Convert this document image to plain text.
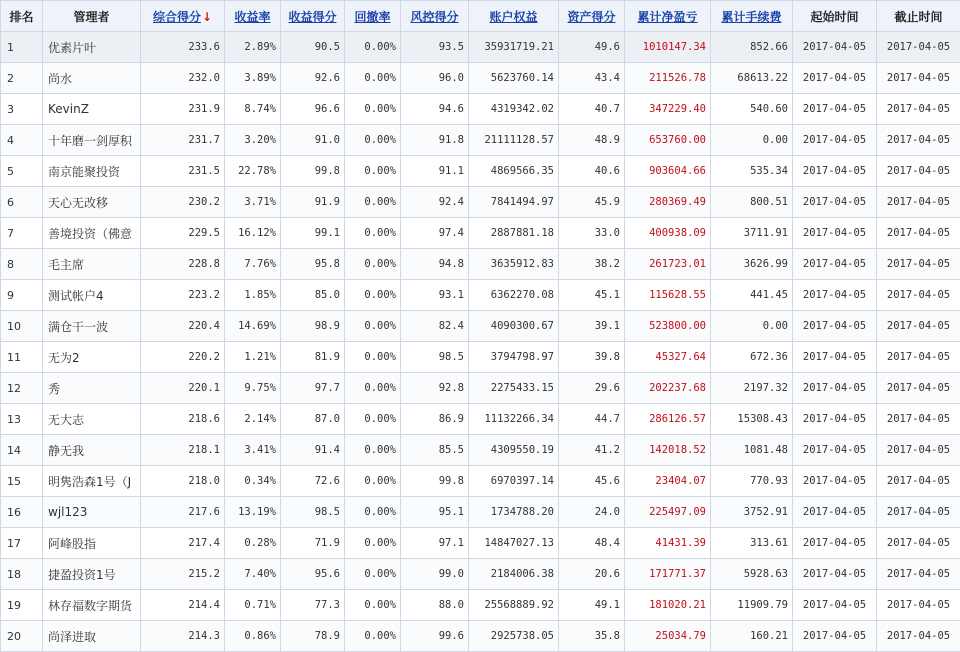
排名	管理者	综合得分↓	收益率	收益得分	回撤率	风控得分	账户权益	资产得分	累计净盈亏	累计手续费	起始时间	截止时间
1	优素片叶	233.6	2.89%	90.5	0.00%	93.5	35931719.21	49.6	1010147.34	852.66	2017-04-05	2017-04-05
2	尚水	232.0	3.89%	92.6	0.00%	96.0	5623760.14	43.4	211526.78	68613.22	2017-04-05	2017-04-05
3	KevinZ	231.9	8.74%	96.6	0.00%	94.6	4319342.02	40.7	347229.40	540.60	2017-04-05	2017-04-05
4	十年磨一剑厚积	231.7	3.20%	91.0	0.00%	91.8	21111128.57	48.9	653760.00	0.00	2017-04-05	2017-04-05
5	南京能聚投资	231.5	22.78%	99.8	0.00%	91.1	4869566.35	40.6	903604.66	535.34	2017-04-05	2017-04-05
6	天心无改移	230.2	3.71%	91.9	0.00%	92.4	7841494.97	45.9	280369.49	800.51	2017-04-05	2017-04-05
7	善境投资（佛意	229.5	16.12%	99.1	0.00%	97.4	2887881.18	33.0	400938.09	3711.91	2017-04-05	2017-04-05
8	毛主席	228.8	7.76%	95.8	0.00%	94.8	3635912.83	38.2	261723.01	3626.99	2017-04-05	2017-04-05
9	测试帐户4	223.2	1.85%	85.0	0.00%	93.1	6362270.08	45.1	115628.55	441.45	2017-04-05	2017-04-05
10	满仓干一波	220.4	14.69%	98.9	0.00%	82.4	4090300.67	39.1	523800.00	0.00	2017-04-05	2017-04-05
11	无为2	220.2	1.21%	81.9	0.00%	98.5	3794798.97	39.8	45327.64	672.36	2017-04-05	2017-04-05
12	秀	220.1	9.75%	97.7	0.00%	92.8	2275433.15	29.6	202237.68	2197.32	2017-04-05	2017-04-05
13	无大志	218.6	2.14%	87.0	0.00%	86.9	11132266.34	44.7	286126.57	15308.43	2017-04-05	2017-04-05
14	静无我	218.1	3.41%	91.4	0.00%	85.5	4309550.19	41.2	142018.52	1081.48	2017-04-05	2017-04-05
15	明隽浩森1号（J	218.0	0.34%	72.6	0.00%	99.8	6970397.14	45.6	23404.07	770.93	2017-04-05	2017-04-05
16	wjl123	217.6	13.19%	98.5	0.00%	95.1	1734788.20	24.0	225497.09	3752.91	2017-04-05	2017-04-05
17	阿峰股指	217.4	0.28%	71.9	0.00%	97.1	14847027.13	48.4	41431.39	313.61	2017-04-05	2017-04-05
18	捷盈投资1号	215.2	7.40%	95.6	0.00%	99.0	2184006.38	20.6	171771.37	5928.63	2017-04-05	2017-04-05
19	林存福数字期货	214.4	0.71%	77.3	0.00%	88.0	25568889.92	49.1	181020.21	11909.79	2017-04-05	2017-04-05
20	尚泽进取	214.3	0.86%	78.9	0.00%	99.6	2925738.05	35.8	25034.79	160.21	2017-04-05	2017-04-05
